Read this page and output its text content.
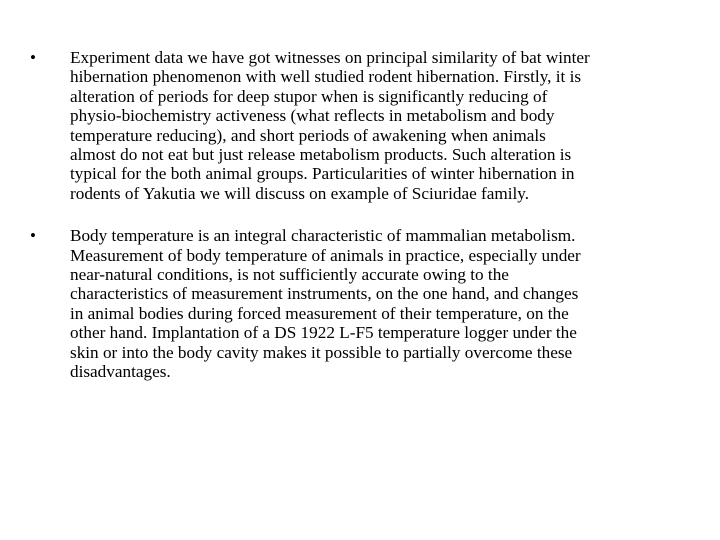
•	Experiment data we have got witnesses on principal similarity of bat winter
hibernation phenomenon with well studied rodent hibernation. Firstly, it is
alteration of periods for deep stupor when is significantly reducing of
physio-biochemistry activeness (what reflects in metabolism and body
temperature reducing), and short periods of awakening when animals
almost do not eat but just release metabolism products. Such alteration is
typical for the both animal groups. Particularities of winter hibernation in
rodents of Yakutia we will discuss on example of Sciuridae family.
•	Body temperature is an integral characteristic of mammalian metabolism.
Measurement of body temperature of animals in practice, especially under
near-natural conditions, is not sufficiently accurate owing to the
characteristics of measurement instruments, on the one hand, and changes
in animal bodies during forced measurement of their temperature, on the
other hand. Implantation of a DS 1922 L-F5 temperature logger under the
skin or into the body cavity makes it possible to partially overcome these
disadvantages.
